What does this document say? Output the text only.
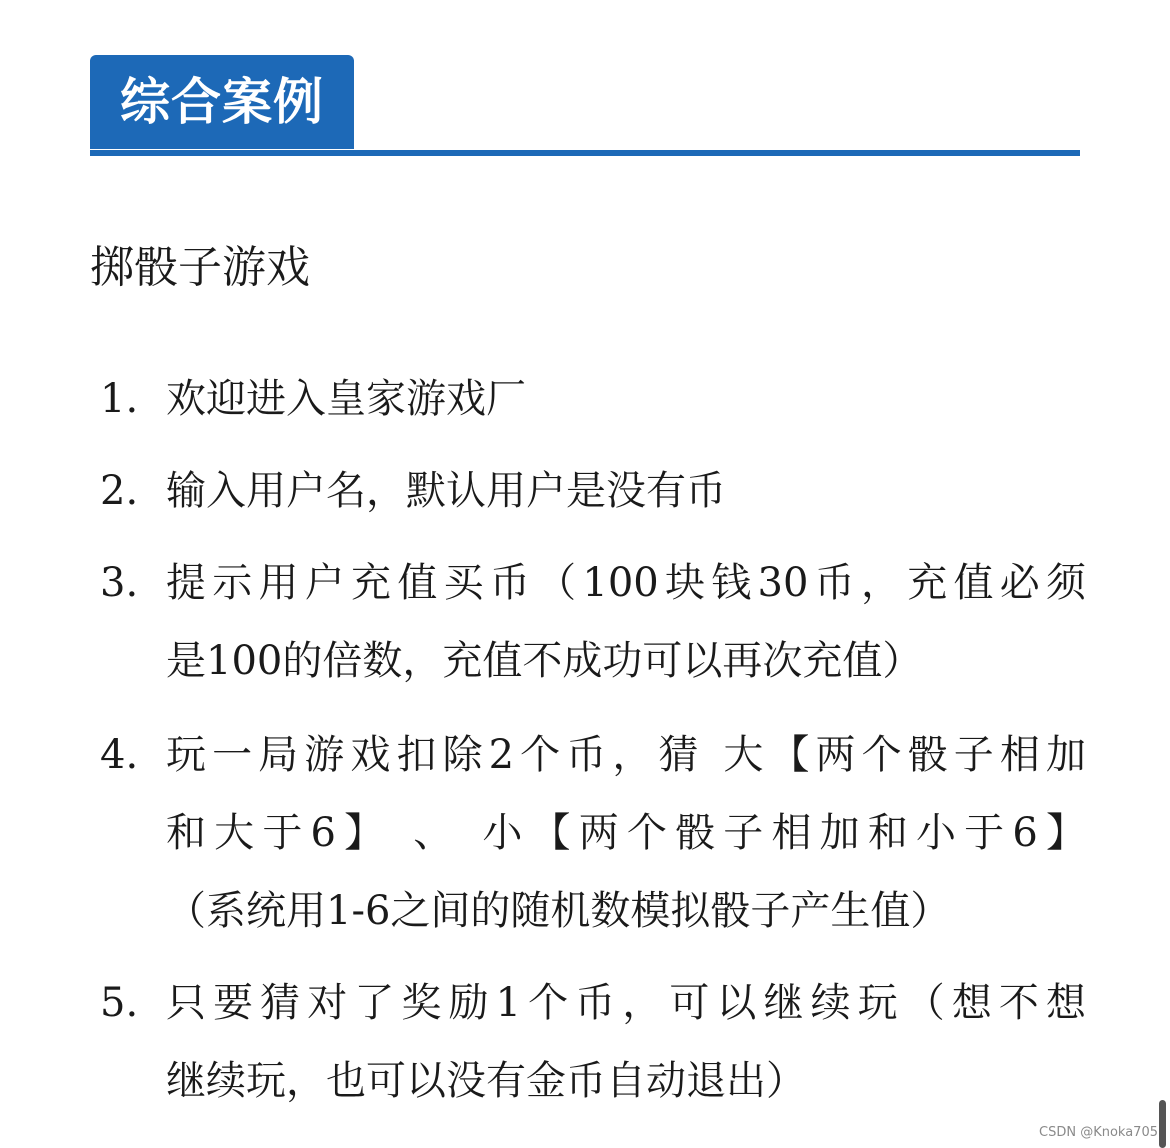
综合案例
掷骰子游戏
1. 欢迎进入皇家游戏厂
2. 输入用户名，默认用户是没有币
3. 提示用户充值买币（100块钱30币，充值必须
是100的倍数，充值不成功可以再次充值）
4. 玩一局游戏扣除2个币，猜 大【两个骰子相加
和大于6】 、 小【两个骰子相加和小于6】
（系统用1-6之间的随机数模拟骰子产生值）
5. 只要猜对了奖励1个币，可以继续玩（想不想
继续玩，也可以没有金币自动退出）
CSDN @Knoka705
